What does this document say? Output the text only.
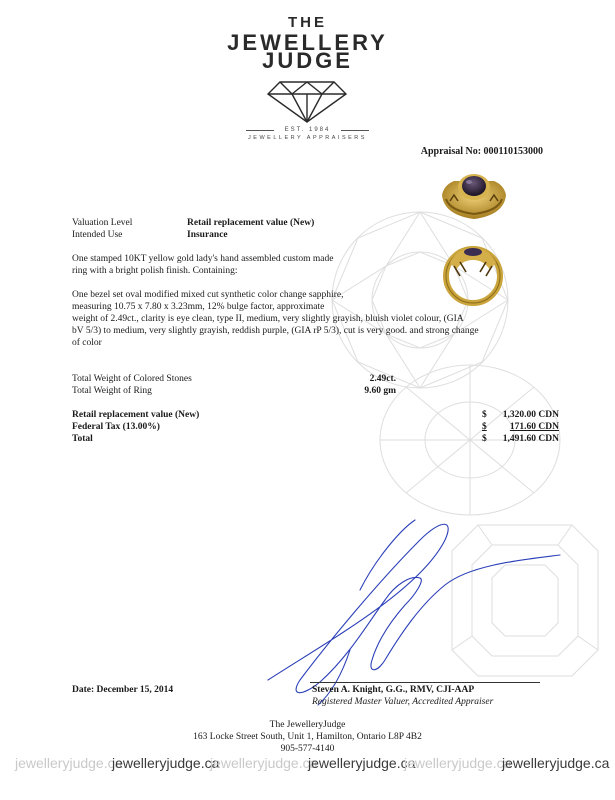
THE
JEWELLERY
JUDGE
EST. 1984
JEWELLERY APPRAISERS
Appraisal No: 000110153000
Valuation Level	Retail replacement value (New)
Intended Use	Insurance
One stamped 10KT yellow gold lady's hand assembled custom made
ring with a bright polish finish. Containing:
One bezel set oval modified mixed cut synthetic color change sapphire,
measuring 10.75 x 7.80 x 3.23mm, 12% bulge factor, approximate
weight of 2.49ct., clarity is eye clean, type II, medium, very slightly grayish, bluish violet colour, (GIA
bV 5/3) to medium, very slightly grayish, reddish purple, (GIA rP 5/3), cut is very good. and strong change
of color
Total Weight of Colored Stones	2.49ct.
Total Weight of Ring	9.60 gm
Retail replacement value (New)	$	1,320.00 CDN
Federal Tax (13.00%)	$	171.60 CDN
Total	$	1,491.60 CDN
Date: December 15, 2014	Steven A. Knight, G.G., RMV, CJI-AAP
Registered Master Valuer, Accredited Appraiser
The JewelleryJudge
163 Locke Street South, Unit 1, Hamilton, Ontario L8P 4B2
905-577-4140
jewelleryjudge.ca
jewelleryjudge.ca
jewelleryjudge.ca
jewelleryjudge.ca
jewelleryjudge.ca
jewelleryjudge.ca
